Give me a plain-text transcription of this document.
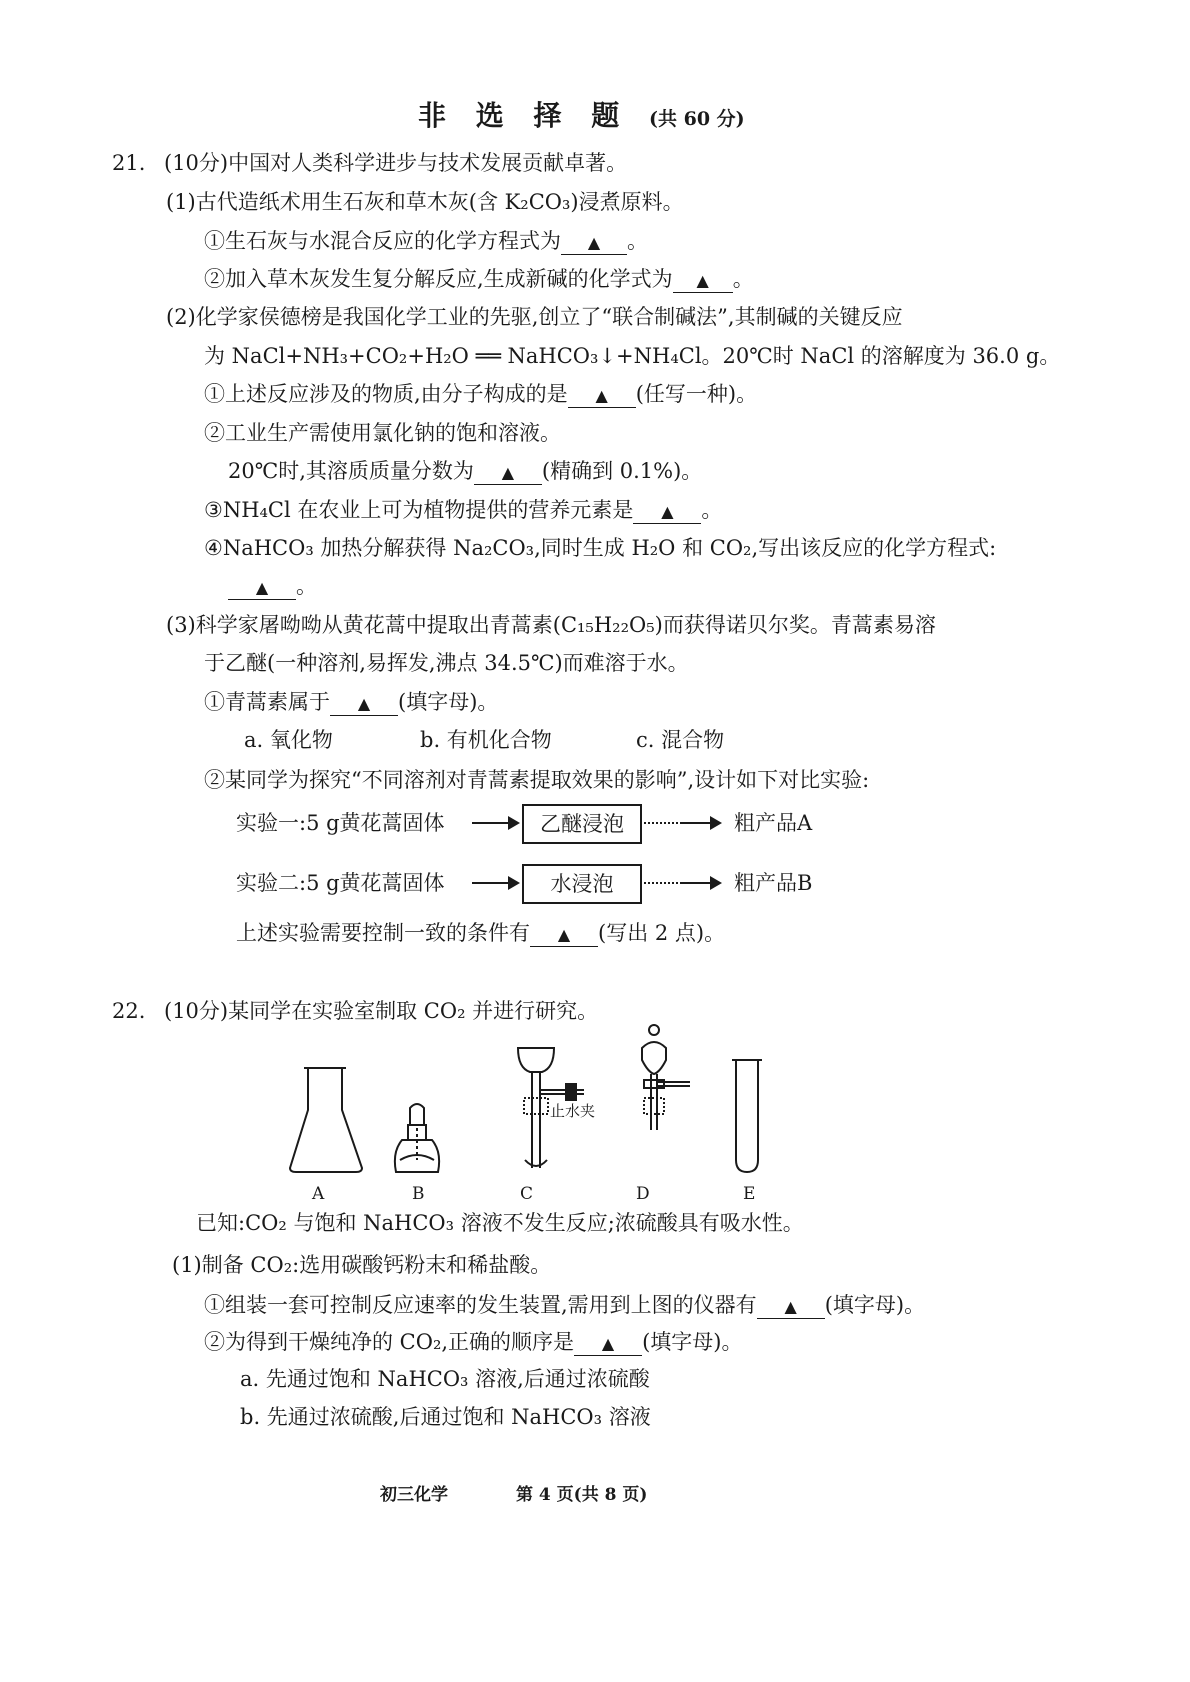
非 选 择 题 (共 60 分)
21. (10分)中国对人类科学进步与技术发展贡献卓著。
(1)古代造纸术用生石灰和草木灰(含 K₂CO₃)浸煮原料。
①生石灰与水混合反应的化学方程式为 ▲ 。
②加入草木灰发生复分解反应,生成新碱的化学式为 ▲ 。
(2)化学家侯德榜是我国化学工业的先驱,创立了“联合制碱法”,其制碱的关键反应
为 NaCl+NH₃+CO₂+H₂O ══ NaHCO₃↓+NH₄Cl。20℃时 NaCl 的溶解度为 36.0 g。
①上述反应涉及的物质,由分子构成的是 ▲ (任写一种)。
②工业生产需使用氯化钠的饱和溶液。
20℃时,其溶质质量分数为 ▲ (精确到 0.1%)。
③NH₄Cl 在农业上可为植物提供的营养元素是 ▲ 。
④NaHCO₃ 加热分解获得 Na₂CO₃,同时生成 H₂O 和 CO₂,写出该反应的化学方程式:
▲ 。
(3)科学家屠呦呦从黄花蒿中提取出青蒿素(C₁₅H₂₂O₅)而获得诺贝尔奖。青蒿素易溶
于乙醚(一种溶剂,易挥发,沸点 34.5℃)而难溶于水。
①青蒿素属于 ▲ (填字母)。
a. 氧化物	b. 有机化合物	c. 混合物
②某同学为探究“不同溶剂对青蒿素提取效果的影响”,设计如下对比实验:
实验一:5 g黄花蒿固体	乙醚浸泡	粗产品A
实验二:5 g黄花蒿固体	水浸泡	粗产品B
上述实验需要控制一致的条件有 ▲ (写出 2 点)。
22. (10分)某同学在实验室制取 CO₂ 并进行研究。
止水夹
A	B	C	D	E
已知:CO₂ 与饱和 NaHCO₃ 溶液不发生反应;浓硫酸具有吸水性。
(1)制备 CO₂:选用碳酸钙粉末和稀盐酸。
①组装一套可控制反应速率的发生装置,需用到上图的仪器有 ▲ (填字母)。
②为得到干燥纯净的 CO₂,正确的顺序是 ▲ (填字母)。
a. 先通过饱和 NaHCO₃ 溶液,后通过浓硫酸
b. 先通过浓硫酸,后通过饱和 NaHCO₃ 溶液
初三化学	第 4 页(共 8 页)
